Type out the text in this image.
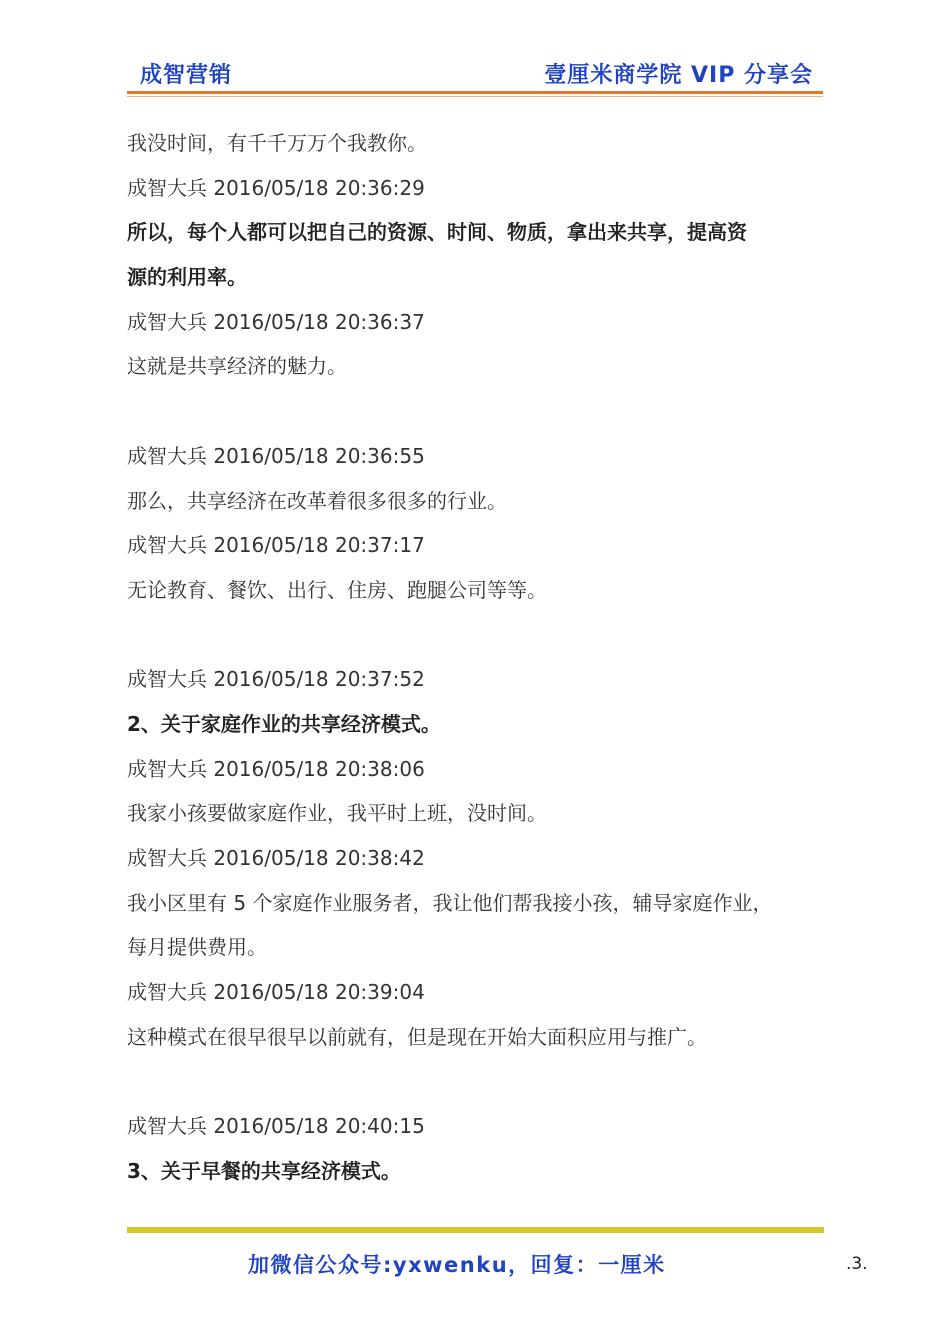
成智营销	壹厘米商学院 VIP 分享会
我没时间，有千千万万个我教你。
成智大兵 2016/05/18 20:36:29
所以，每个人都可以把自己的资源、时间、物质，拿出来共享，提高资
源的利用率。
成智大兵 2016/05/18 20:36:37
这就是共享经济的魅力。
成智大兵 2016/05/18 20:36:55
那么，共享经济在改革着很多很多的行业。
成智大兵 2016/05/18 20:37:17
无论教育、餐饮、出行、住房、跑腿公司等等。
成智大兵 2016/05/18 20:37:52
2、关于家庭作业的共享经济模式。
成智大兵 2016/05/18 20:38:06
我家小孩要做家庭作业，我平时上班，没时间。
成智大兵 2016/05/18 20:38:42
我小区里有 5 个家庭作业服务者，我让他们帮我接小孩，辅导家庭作业，
每月提供费用。
成智大兵 2016/05/18 20:39:04
这种模式在很早很早以前就有，但是现在开始大面积应用与推广。
成智大兵 2016/05/18 20:40:15
3、关于早餐的共享经济模式。
加微信公众号:yxwenku，回复：一厘米	.3.
